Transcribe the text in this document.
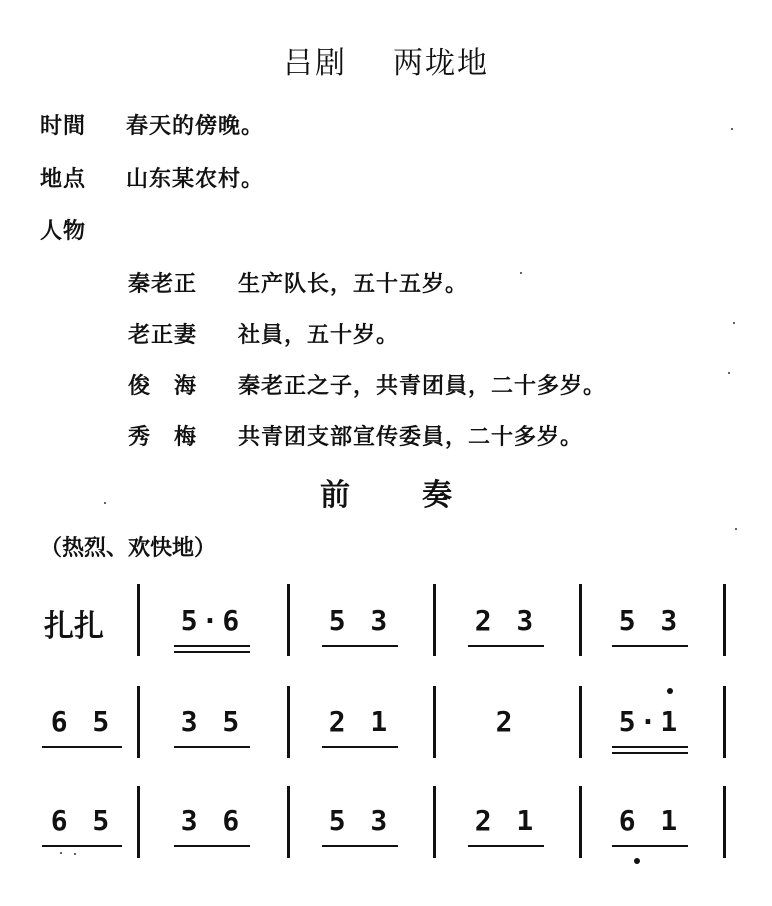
吕剧 两垅地
时間 春天的傍晚。
地点 山东某农村。
人物
秦老正 生产队长，五十五岁。
老正妻 社員，五十岁。
俊　海 秦老正之子，共青团員，二十多岁。
秀　梅 共青团支部宣传委員，二十多岁。
前 奏
（热烈、欢快地）
扎扎	5·6	5 3	2 3	5 3
6 5	3 5	2 1	2	5·1
6 5	3 6	5 3	2 1	6 1
